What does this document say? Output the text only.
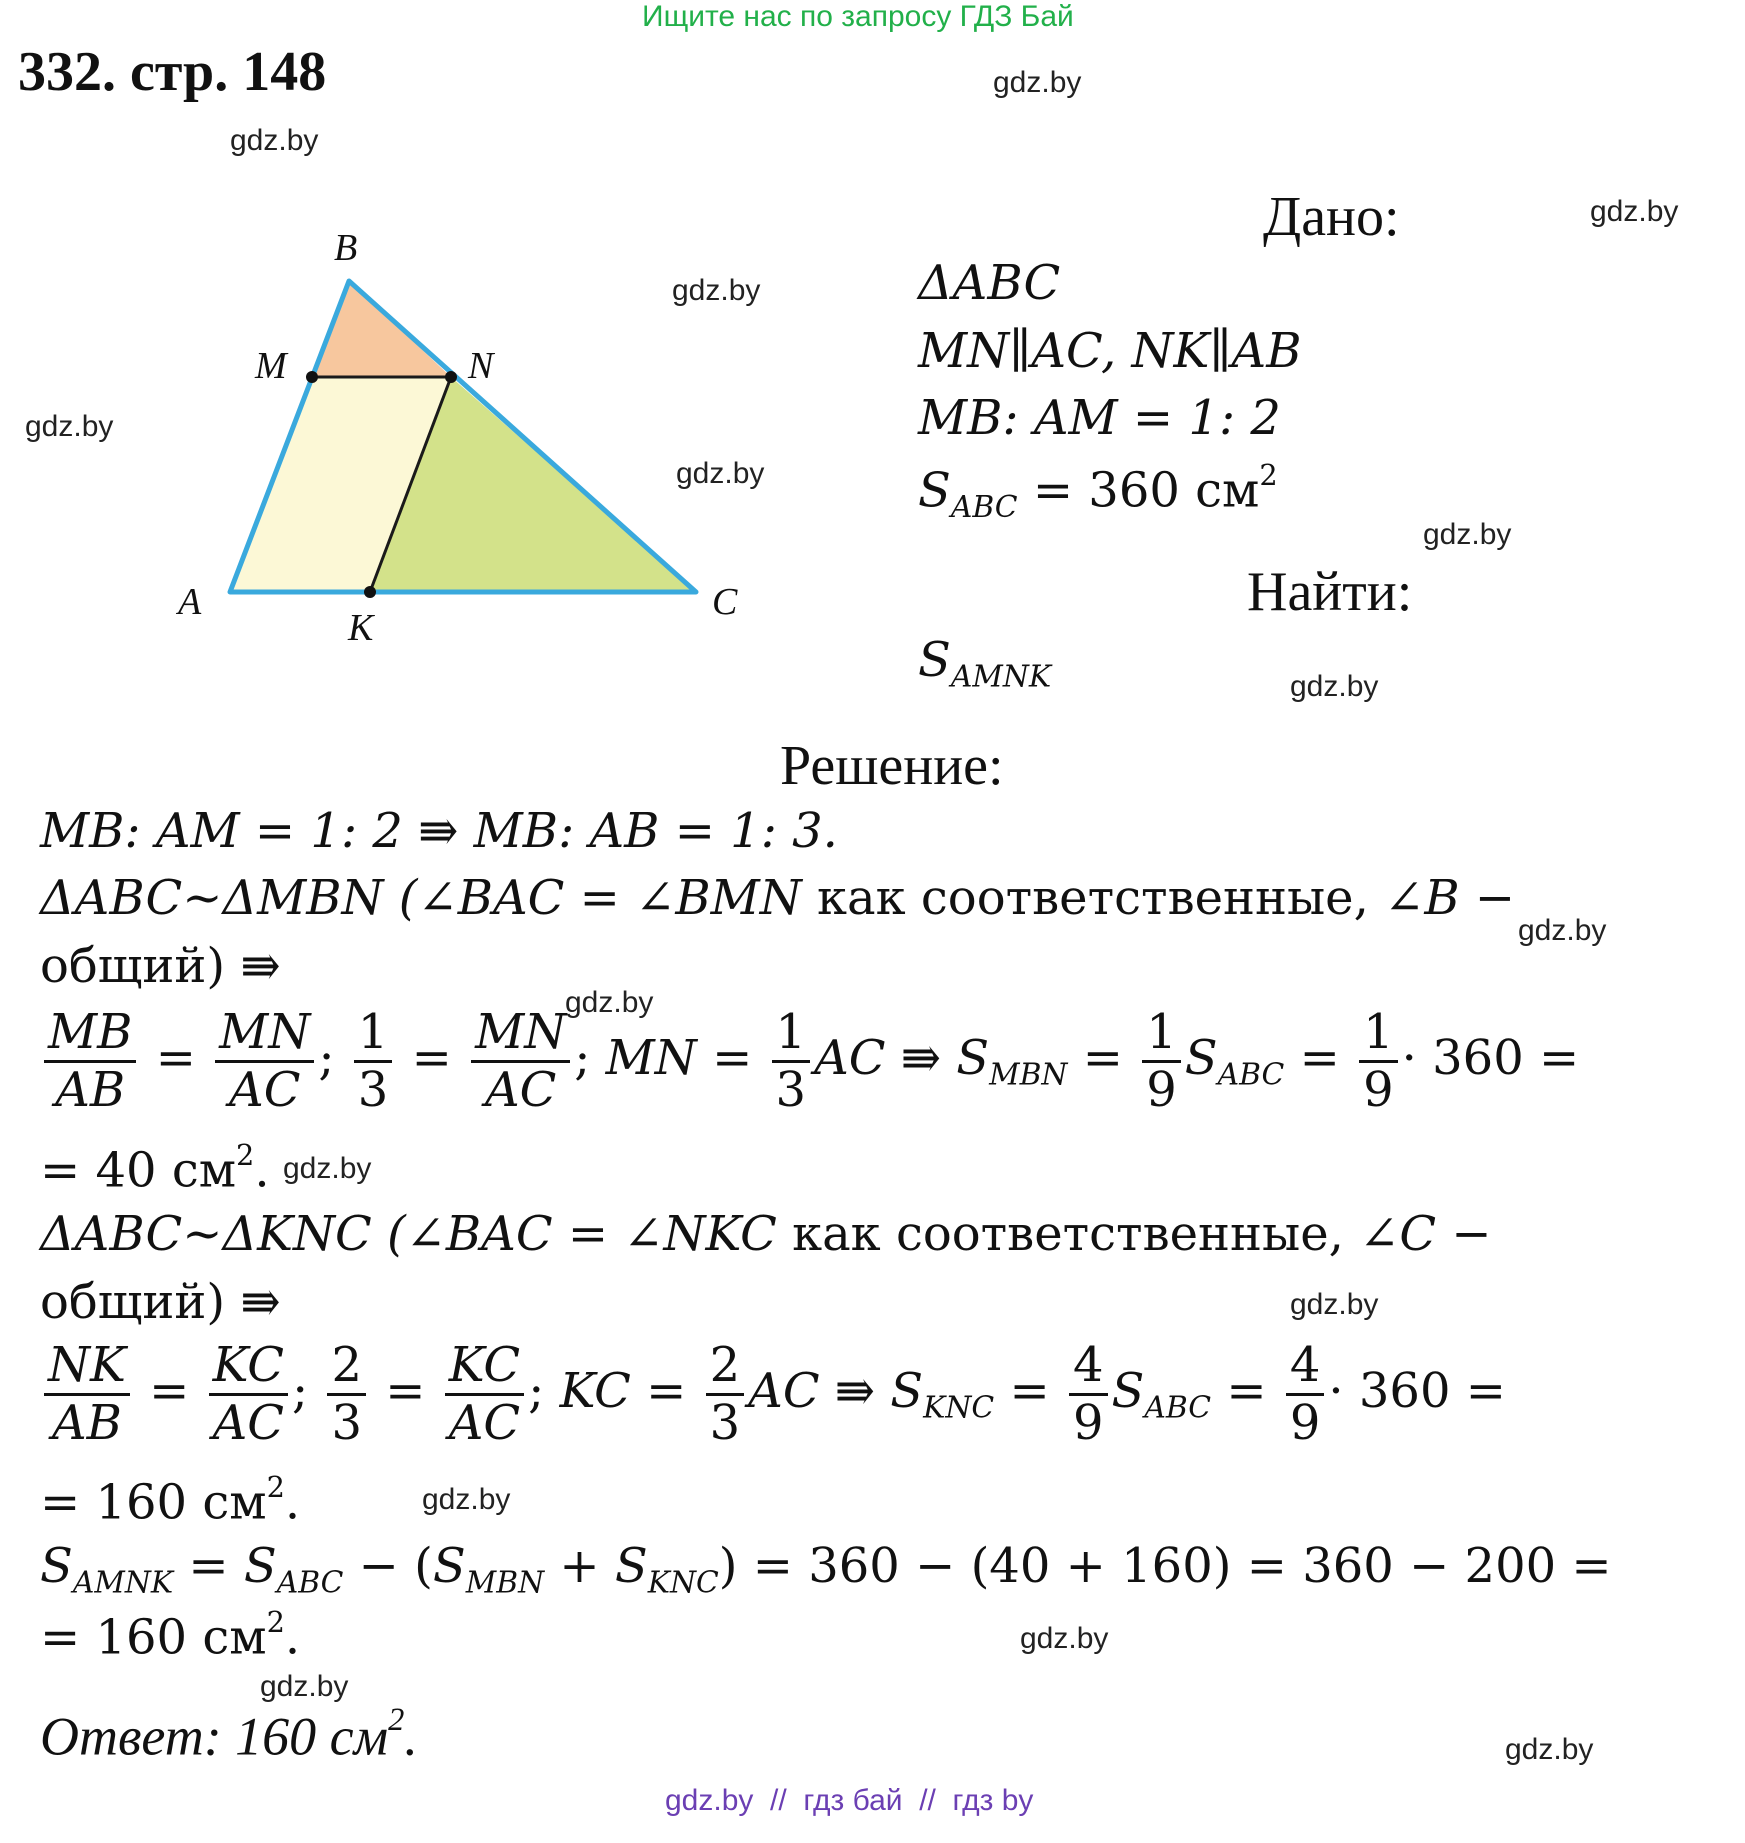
Ищите нас по запросу ГДЗ Бай
332. стр. 148	gdz.by
gdz.by
gdz.by
gdz.by
gdz.by
gdz.by
gdz.by
gdz.by
gdz.by
gdz.by
gdz.by
gdz.by
gdz.by
gdz.by
gdz.by
gdz.by
B
M	N
A
K
C
Дано:
ΔABC
MN∥AC, NK∥AB
MB: AM = 1: 2
$S_{ABC} = 360$ $см^2$
Найти:
$S_{AMNK}$
Решение:
MB: AM = 1: 2 ⇛ MB: AB = 1: 3.
ΔABC~ΔMBN (∠BAC = ∠BMN как соответственные, ∠B −
общий) ⇛
$\frac{MB}{AB} = \frac{MN}{AC}$ ; $\frac{1}{3} = \frac{MN}{AC}$ ; MN = $\frac{1}{3}$ AC ⇛ $S_{MBN} = \frac{1}{9} S_{ABC} = \frac{1}{9} \cdot 360$ =
= 40 $см^2$.
ΔABC~ΔKNC (∠BAC = ∠NKC как соответственные, ∠C −
общий) ⇛
$\frac{NK}{AB} = \frac{KC}{AC}$ ; $\frac{2}{3} = \frac{KC}{AC}$ ; KC = $\frac{2}{3}$ AC ⇛ $S_{KNC} = \frac{4}{9} S_{ABC} = \frac{4}{9} \cdot 360$ =
= 160 $см^2$.
$S_{AMNK} = S_{ABC} - (S_{MBN} + S_{KNC}) = 360 - (40 + 160) = 360 - 200$ =
= 160 $см^2$.
Ответ: 160 $см^2$.
gdz.by  //  гдз бай  //  гдз by
